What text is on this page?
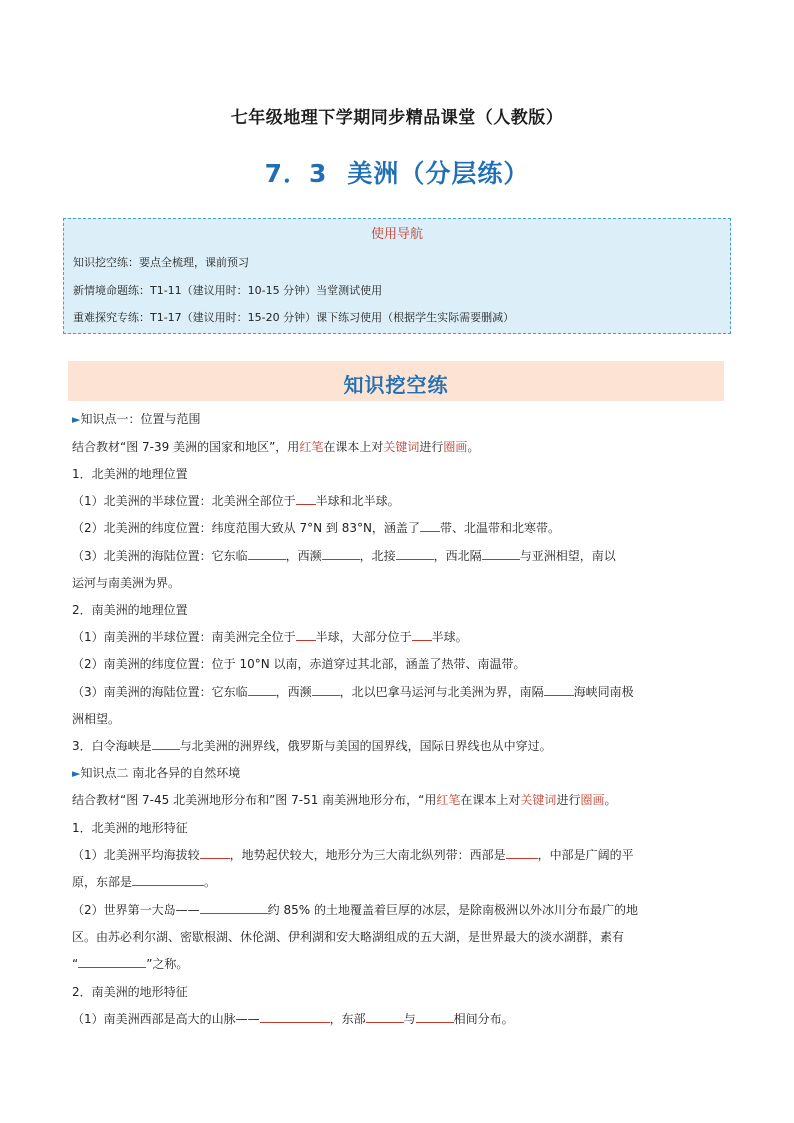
七年级地理下学期同步精品课堂（人教版）
7．3 美洲（分层练）
使用导航
知识挖空练：要点全梳理，课前预习
新情境命题练：T1-11（建议用时：10-15 分钟）当堂测试使用
重难探究专练：T1-17（建议用时：15-20 分钟）课下练习使用（根据学生实际需要删减）
知识挖空练
►知识点一：位置与范围
结合教材“图 7-39 美洲的国家和地区”，用红笔在课本上对关键词进行圈画。
1．北美洲的地理位置
（1）北美洲的半球位置：北美洲全部位于 半球和北半球。
（2）北美洲的纬度位置：纬度范围大致从 7°N 到 83°N，涵盖了 带、北温带和北寒带。
（3）北美洲的海陆位置：它东临	，西濒	，北接	，西北隔	与亚洲相望，南以
运河与南美洲为界。
2．南美洲的地理位置
（1）南美洲的半球位置：南美洲完全位于 半球，大部分位于 半球。
（2）南美洲的纬度位置：位于 10°N 以南，赤道穿过其北部，涵盖了热带、南温带。
（3）南美洲的海陆位置：它东临 ，西濒 ，北以巴拿马运河与北美洲为界，南隔	海峡同南极
洲相望。
3．白令海峡是 与北美洲的洲界线，俄罗斯与美国的国界线，国际日界线也从中穿过。
►知识点二 南北各异的自然环境
结合教材“图 7-45 北美洲地形分布和”图 7-51 南美洲地形分布，“用红笔在课本上对关键词进行圈画。
1．北美洲的地形特征
（1）北美洲平均海拔较	，地势起伏较大，地形分为三大南北纵列带：西部是	，中部是广阔的平
原，东部是	。
（2）世界第一大岛——	约 85% 的土地覆盖着巨厚的冰层，是除南极洲以外冰川分布最广的地
区。由苏必利尔湖、密歇根湖、休伦湖、伊利湖和安大略湖组成的五大湖，是世界最大的淡水湖群，素有
“	”之称。
2．南美洲的地形特征
（1）南美洲西部是高大的山脉——	，东部	与	相间分布。
